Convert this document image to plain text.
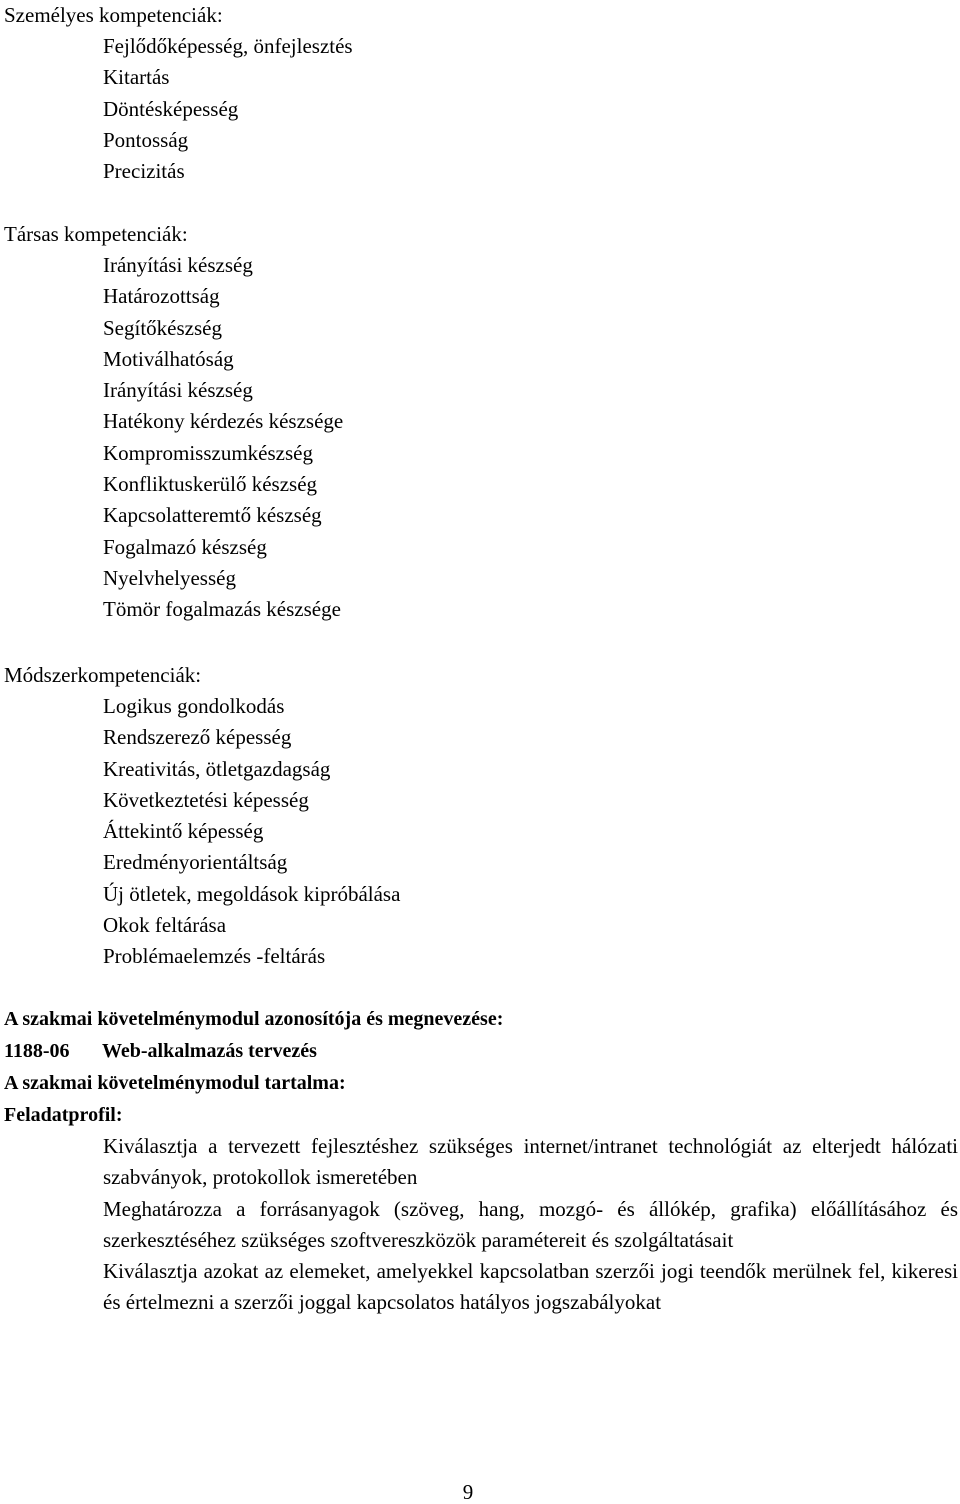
Személyes kompetenciák:
Fejlődőképesség, önfejlesztés
Kitartás
Döntésképesség
Pontosság
Precizitás
Társas kompetenciák:
Irányítási készség
Határozottság
Segítőkészség
Motiválhatóság
Irányítási készség
Hatékony kérdezés készsége
Kompromisszumkészség
Konfliktuskerülő készség
Kapcsolatteremtő készség
Fogalmazó készség
Nyelvhelyesség
Tömör fogalmazás készsége
Módszerkompetenciák:
Logikus gondolkodás
Rendszerező képesség
Kreativitás, ötletgazdagság
Következtetési képesség
Áttekintő képesség
Eredményorientáltság
Új ötletek, megoldások kipróbálása
Okok feltárása
Problémaelemzés -feltárás
A szakmai követelménymodul azonosítója és megnevezése:
1188-06 Web-alkalmazás tervezés
A szakmai követelménymodul tartalma:
Feladatprofil:
Kiválasztja a tervezett fejlesztéshez szükséges internet/intranet technológiát az elterjedt hálózati szabványok, protokollok ismeretében
Meghatározza a forrásanyagok (szöveg, hang, mozgó- és állókép, grafika) előállításához és szerkesztéséhez szükséges szoftvereszközök paramétereit és szolgáltatásait
Kiválasztja azokat az elemeket, amelyekkel kapcsolatban szerzői jogi teendők merülnek fel, kikeresi és értelmezni a szerzői joggal kapcsolatos hatályos jogszabályokat
9
